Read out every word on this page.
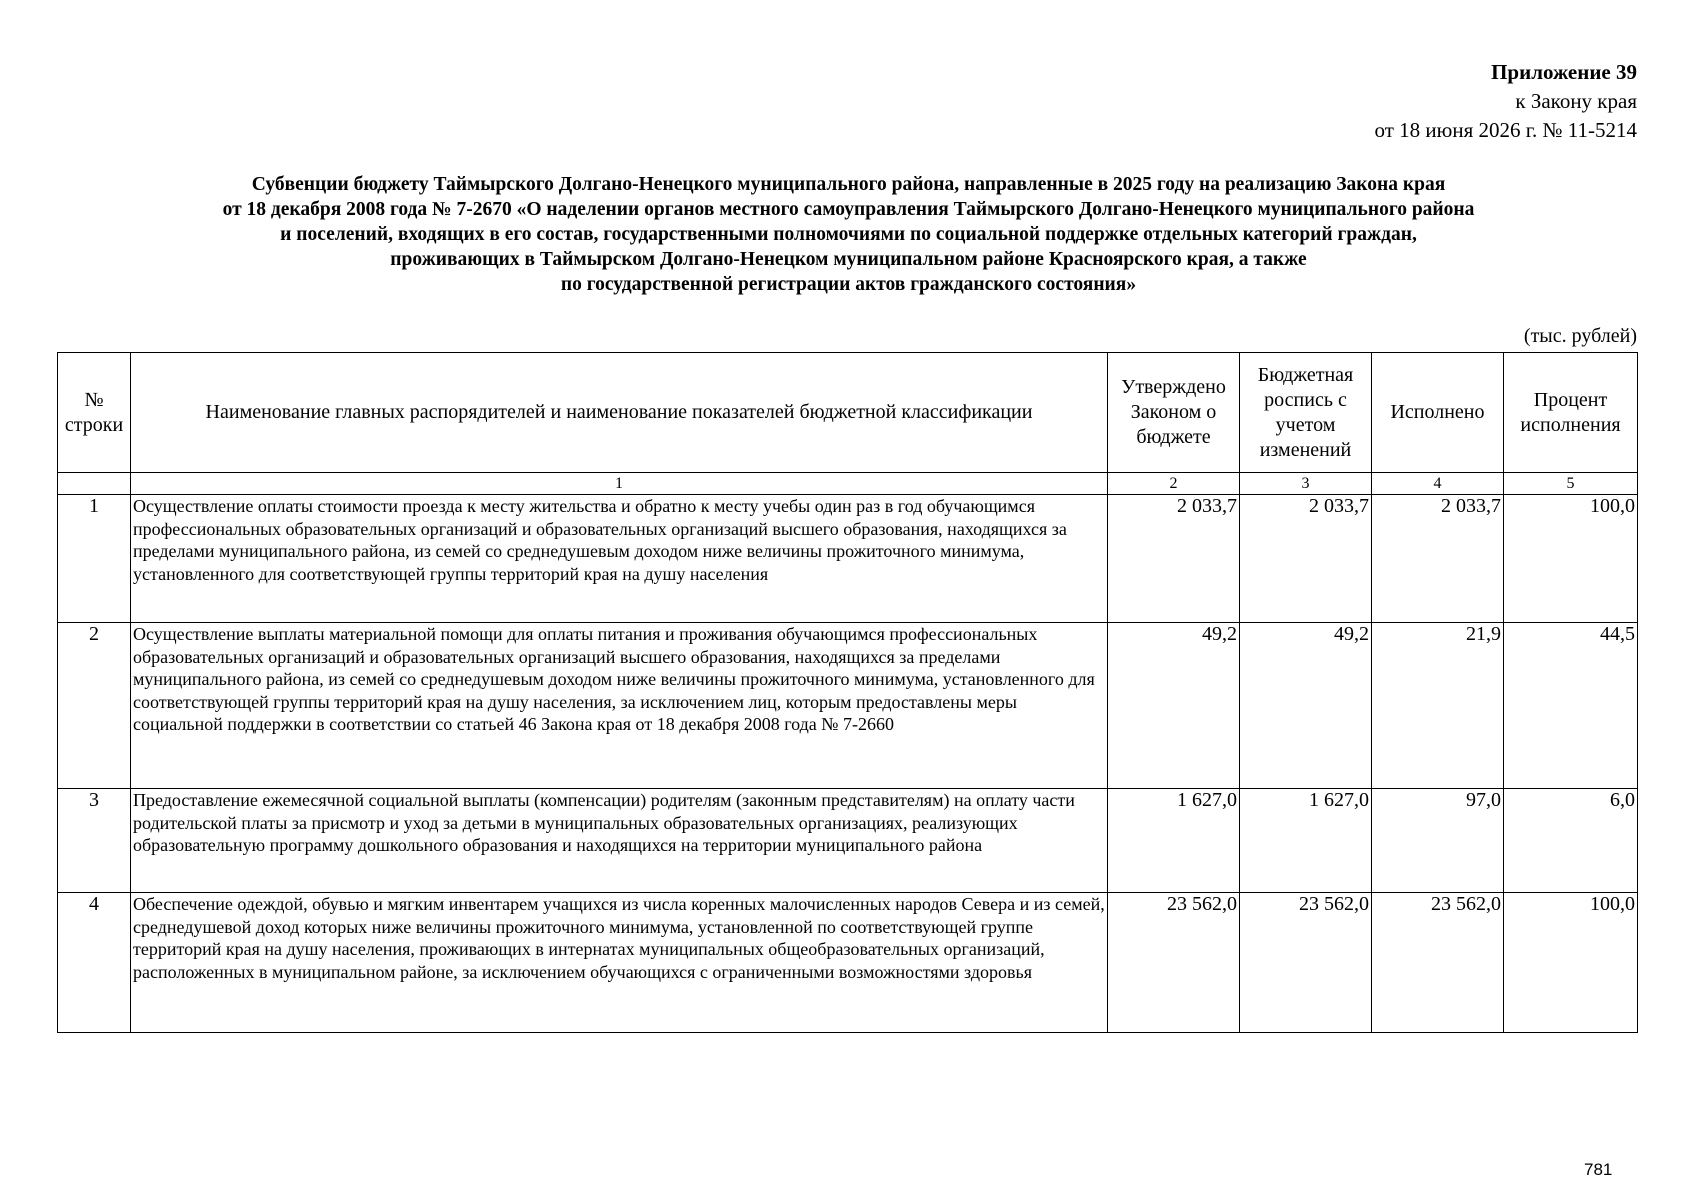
Приложение 39
к Закону края
от 18 июня 2026 г. № 11-5214
Субвенции бюджету Таймырского Долгано-Ненецкого муниципального района, направленные в 2025 году на реализацию Закона края
от 18 декабря 2008 года № 7-2670 «О наделении органов местного самоуправления Таймырского Долгано-Ненецкого муниципального района
и поселений, входящих в его состав, государственными полномочиями по социальной поддержке отдельных категорий граждан,
проживающих в Таймырском Долгано-Ненецком муниципальном районе Красноярского края, а также
по государственной регистрации актов гражданского состояния»
(тыс. рублей)
№ строки	Наименование главных распорядителей и наименование показателей бюджетной классификации	Утверждено Законом о бюджете	Бюджетная роспись с учетом изменений	Исполнено	Процент исполнения
	1	2	3	4	5
1	Осуществление оплаты стоимости проезда к месту жительства и обратно к месту учебы один раз в год обучающимся профессиональных образовательных организаций и образовательных организаций высшего образования, находящихся за пределами муниципального района, из семей со среднедушевым доходом ниже величины прожиточного минимума, установленного для соответствующей группы территорий края на душу населения	2 033,7	2 033,7	2 033,7	100,0
2	Осуществление выплаты материальной помощи для оплаты питания и проживания обучающимся профессиональных образовательных организаций и образовательных организаций высшего образования, находящихся за пределами муниципального района, из семей со среднедушевым доходом ниже величины прожиточного минимума, установленного для соответствующей группы территорий края на душу населения, за исключением лиц, которым предоставлены меры социальной поддержки в соответствии со статьей 46 Закона края от 18 декабря 2008 года № 7-2660	49,2	49,2	21,9	44,5
3	Предоставление ежемесячной социальной выплаты (компенсации) родителям (законным представителям) на оплату части родительской платы за присмотр и уход за детьми в муниципальных образовательных организациях, реализующих образовательную программу дошкольного образования и находящихся на территории муниципального района	1 627,0	1 627,0	97,0	6,0
4	Обеспечение одеждой, обувью и мягким инвентарем учащихся из числа коренных малочисленных народов Севера и из семей, среднедушевой доход которых ниже величины прожиточного минимума, установленной по соответствующей группе территорий края на душу населения, проживающих в интернатах муниципальных общеобразовательных организаций, расположенных в муниципальном районе, за исключением обучающихся с ограниченными возможностями здоровья	23 562,0	23 562,0	23 562,0	100,0
781
